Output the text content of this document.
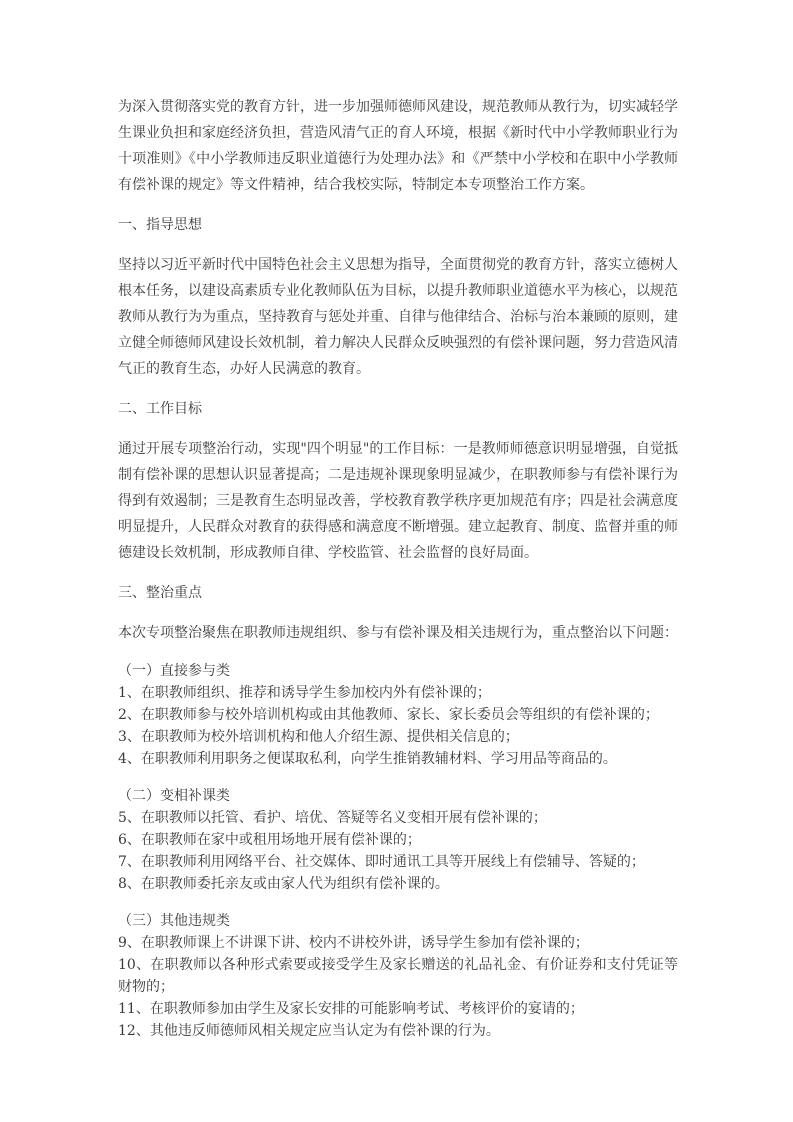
为深入贯彻落实党的教育方针，进一步加强师德师风建设，规范教师从教行为，切实减轻学生课业负担和家庭经济负担，营造风清气正的育人环境，根据《新时代中小学教师职业行为十项准则》《中小学教师违反职业道德行为处理办法》和《严禁中小学校和在职中小学教师有偿补课的规定》等文件精神，结合我校实际，特制定本专项整治工作方案。

一、指导思想

坚持以习近平新时代中国特色社会主义思想为指导，全面贯彻党的教育方针，落实立德树人根本任务，以建设高素质专业化教师队伍为目标，以提升教师职业道德水平为核心，以规范教师从教行为为重点，坚持教育与惩处并重、自律与他律结合、治标与治本兼顾的原则，建立健全师德师风建设长效机制，着力解决人民群众反映强烈的有偿补课问题，努力营造风清气正的教育生态，办好人民满意的教育。

二、工作目标

通过开展专项整治行动，实现"四个明显"的工作目标：一是教师师德意识明显增强，自觉抵制有偿补课的思想认识显著提高；二是违规补课现象明显减少，在职教师参与有偿补课行为得到有效遏制；三是教育生态明显改善，学校教育教学秩序更加规范有序；四是社会满意度明显提升，人民群众对教育的获得感和满意度不断增强。建立起教育、制度、监督并重的师德建设长效机制，形成教师自律、学校监管、社会监督的良好局面。

三、整治重点

本次专项整治聚焦在职教师违规组织、参与有偿补课及相关违规行为，重点整治以下问题：

（一）直接参与类
1、在职教师组织、推荐和诱导学生参加校内外有偿补课的；
2、在职教师参与校外培训机构或由其他教师、家长、家长委员会等组织的有偿补课的；
3、在职教师为校外培训机构和他人介绍生源、提供相关信息的；
4、在职教师利用职务之便谋取私利，向学生推销教辅材料、学习用品等商品的。
（二）变相补课类
5、在职教师以托管、看护、培优、答疑等名义变相开展有偿补课的；
6、在职教师在家中或租用场地开展有偿补课的；
7、在职教师利用网络平台、社交媒体、即时通讯工具等开展线上有偿辅导、答疑的；
8、在职教师委托亲友或由家人代为组织有偿补课的。
（三）其他违规类
9、在职教师课上不讲课下讲、校内不讲校外讲，诱导学生参加有偿补课的；
10、在职教师以各种形式索要或接受学生及家长赠送的礼品礼金、有价证券和支付凭证等财物的；
11、在职教师参加由学生及家长安排的可能影响考试、考核评价的宴请的；
12、其他违反师德师风相关规定应当认定为有偿补课的行为。
